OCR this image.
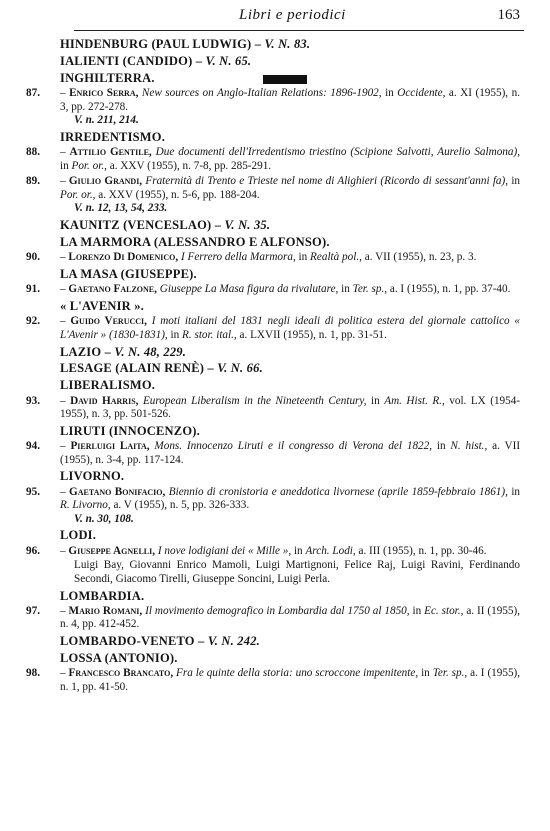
Libri e periodici	163
HINDENBURG (PAUL LUDWIG) – V. N. 83.
IALIENTI (CANDIDO) – V. N. 65.
INGHILTERRA.
87.	– Enrico Serra, New sources on Anglo-Italian Relations: 1896-1902, in Occidente, a. XI (1955), n. 3, pp. 272-278.
V. n. 211, 214.
IRREDENTISMO.
88.	– Attilio Gentile, Due documenti dell'Irredentismo triestino (Scipione Salvotti, Aurelio Salmona), in Por. or., a. XXV (1955), n. 7-8, pp. 285-291.
89.	– Giulio Grandi, Fraternità di Trento e Trieste nel nome di Alighieri (Ricordo di sessant'anni fa), in Por. or., a. XXV (1955), n. 5-6, pp. 188-204.
V. n. 12, 13, 54, 233.
KAUNITZ (VENCESLAO) – V. N. 35.
LA MARMORA (ALESSANDRO E ALFONSO).
90.	– Lorenzo Di Domenico, I Ferrero della Marmora, in Realtà pol., a. VII (1955), n. 23, p. 3.
LA MASA (GIUSEPPE).
91.	– Gaetano Falzone, Giuseppe La Masa figura da rivalutare, in Ter. sp., a. I (1955), n. 1, pp. 37-40.
« L'AVENIR ».
92.	– Guido Verucci, I moti italiani del 1831 negli ideali di politica estera del giornale cattolico « L'Avenir » (1830-1831), in R. stor. ital., a. LXVII (1955), n. 1, pp. 31-51.
LAZIO – V. N. 48, 229.
LESAGE (ALAIN RENÈ) – V. N. 66.
LIBERALISMO.
93.	– David Harris, European Liberalism in the Nineteenth Century, in Am. Hist. R., vol. LX (1954-1955), n. 3, pp. 501-526.
LIRUTI (INNOCENZO).
94.	– Pierluigi Laita, Mons. Innocenzo Liruti e il congresso di Verona del 1822, in N. hist., a. VII (1955), n. 3-4, pp. 117-124.
LIVORNO.
95.	– Gaetano Bonifacio, Biennio di cronistoria e aneddotica livornese (aprile 1859-febbraio 1861), in R. Livorno, a. V (1955), n. 5, pp. 326-333.
V. n. 30, 108.
LODI.
96.	– Giuseppe Agnelli, I nove lodigiani dei « Mille », in Arch. Lodi, a. III (1955), n. 1, pp. 30-46.
Luigi Bay, Giovanni Enrico Mamoli, Luigi Martignoni, Felice Raj, Luigi Ravini, Ferdinando Secondi, Giacomo Tirelli, Giuseppe Soncini, Luigi Perla.
LOMBARDIA.
97.	– Mario Romani, Il movimento demografico in Lombardia dal 1750 al 1850, in Ec. stor., a. II (1955), n. 4, pp. 412-452.
LOMBARDO-VENETO – V. N. 242.
LOSSA (ANTONIO).
98.	– Francesco Brancato, Fra le quinte della storia: uno scroccone impenitente, in Ter. sp., a. I (1955), n. 1, pp. 41-50.
